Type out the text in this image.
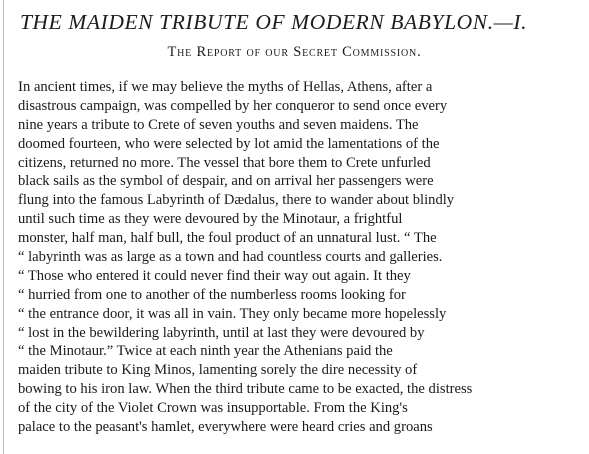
THE MAIDEN TRIBUTE OF MODERN BABYLON.—I.
The Report of our Secret Commission.
In ancient times, if we may believe the myths of Hellas, Athens, after a
disastrous campaign, was compelled by her conqueror to send once every
nine years a tribute to Crete of seven youths and seven maidens. The
doomed fourteen, who were selected by lot amid the lamentations of the
citizens, returned no more. The vessel that bore them to Crete unfurled
black sails as the symbol of despair, and on arrival her passengers were
flung into the famous Labyrinth of Dædalus, there to wander about blindly
until such time as they were devoured by the Minotaur, a frightful
monster, half man, half bull, the foul product of an unnatural lust. “ The
“ labyrinth was as large as a town and had countless courts and galleries.
“ Those who entered it could never find their way out again. It they
“ hurried from one to another of the numberless rooms looking for
“ the entrance door, it was all in vain. They only became more hopelessly
“ lost in the bewildering labyrinth, until at last they were devoured by
“ the Minotaur.” Twice at each ninth year the Athenians paid the
maiden tribute to King Minos, lamenting sorely the dire necessity of
bowing to his iron law. When the third tribute came to be exacted, the distress
of the city of the Violet Crown was insupportable. From the King's
palace to the peasant's hamlet, everywhere were heard cries and groans
